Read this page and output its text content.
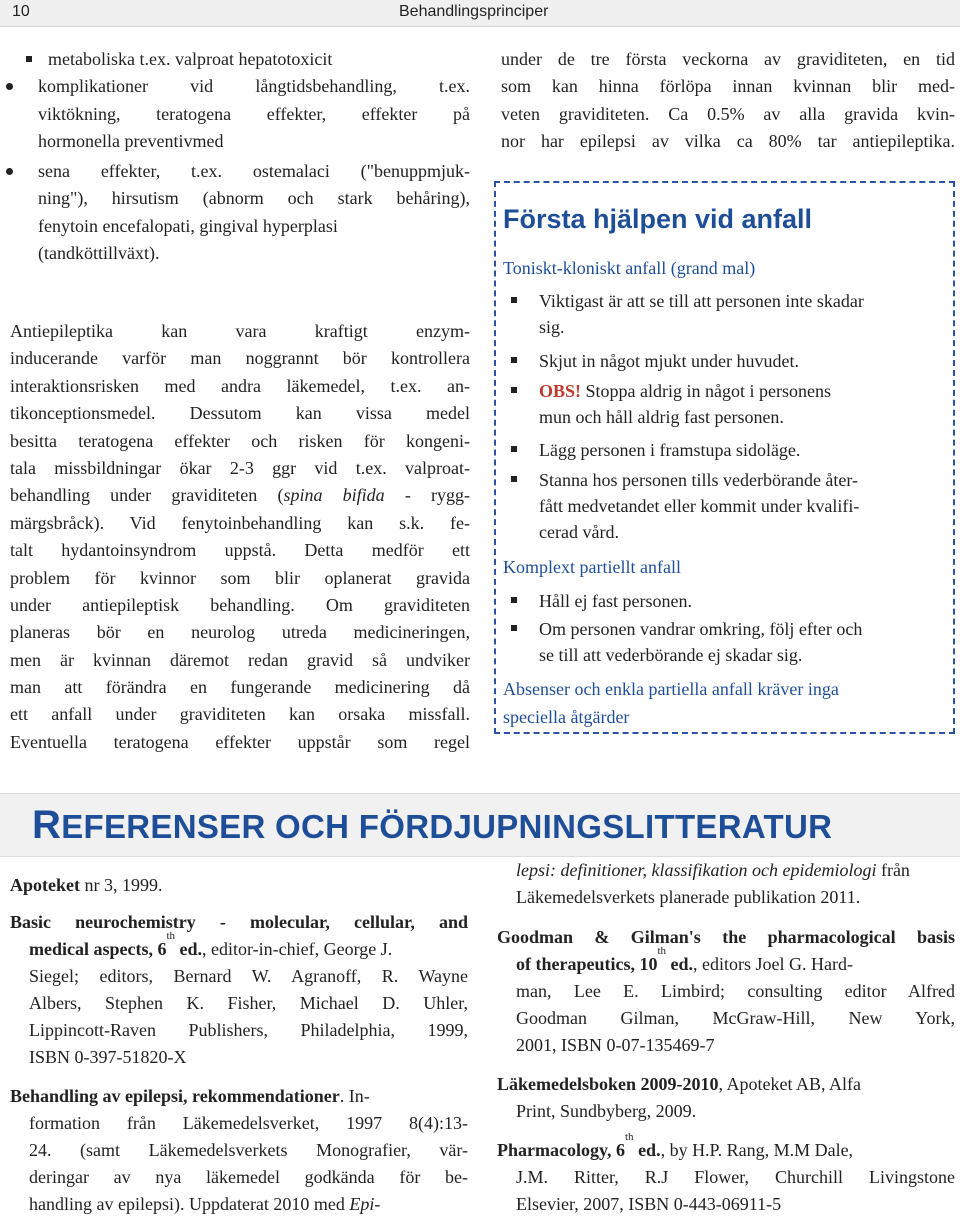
10	Behandlingsprinciper
metaboliska t.ex. valproat hepatotoxicit
komplikationer vid långtidsbehandling, t.ex.
viktökning, teratogena effekter, effekter på
hormonella preventivmed
sena effekter, t.ex. ostemalaci ("benuppmjuk-
ning"), hirsutism (abnorm och stark behåring),
fenytoin encefalopati, gingival hyperplasi
(tandköttillväxt).
Antiepileptika kan vara kraftigt enzym-
inducerande varför man noggrannt bör kontrollera
interaktionsrisken med andra läkemedel, t.ex. an-
tikonceptionsmedel. Dessutom kan vissa medel
besitta teratogena effekter och risken för kongeni-
tala missbildningar ökar 2-3 ggr vid t.ex. valproat-
behandling under graviditeten (spina bifida - rygg-
märgsbråck). Vid fenytoinbehandling kan s.k. fe-
talt hydantoinsyndrom uppstå. Detta medför ett
problem för kvinnor som blir oplanerat gravida
under antiepileptisk behandling. Om graviditeten
planeras bör en neurolog utreda medicineringen,
men är kvinnan däremot redan gravid så undviker
man att förändra en fungerande medicinering då
ett anfall under graviditeten kan orsaka missfall.
Eventuella teratogena effekter uppstår som regel
under de tre första veckorna av graviditeten, en tid
som kan hinna förlöpa innan kvinnan blir med-
veten graviditeten. Ca 0.5% av alla gravida kvin-
nor har epilepsi av vilka ca 80% tar antiepileptika.
Första hjälpen vid anfall
Toniskt-kloniskt anfall (grand mal)
Viktigast är att se till att personen inte skadar
sig.
Skjut in något mjukt under huvudet.
OBS! Stoppa aldrig in något i personens
mun och håll aldrig fast personen.
Lägg personen i framstupa sidoläge.
Stanna hos personen tills vederbörande åter-
fått medvetandet eller kommit under kvalifi-
cerad vård.
Komplext partiellt anfall
Håll ej fast personen.
Om personen vandrar omkring, följ efter och
se till att vederbörande ej skadar sig.
Absenser och enkla partiella anfall kräver inga
speciella åtgärder
REFERENSER OCH FÖRDJUPNINGSLITTERATUR
Apoteket nr 3, 1999.
Basic neurochemistry - molecular, cellular, and
medical aspects, 6
th
ed. , editor-in-chief, George J.
Siegel; editors, Bernard W. Agranoff, R. Wayne
Albers, Stephen K. Fisher, Michael D. Uhler,
Lippincott-Raven Publishers, Philadelphia, 1999,
ISBN 0-397-51820-X
Behandling av epilepsi, rekommendationer . In-
formation från Läkemedelsverket, 1997 8(4):13-
24. (samt Läkemedelsverkets Monografier, vär-
deringar av nya läkemedel godkända för be-
handling av epilepsi). Uppdaterat 2010 med Epi-
lepsi: definitioner, klassifikation och epidemiologi från
Läkemedelsverkets planerade publikation 2011.
Goodman & Gilman's the pharmacological basis
of therapeutics, 10
th
ed. , editors Joel G. Hard-
man, Lee E. Limbird; consulting editor Alfred
Goodman Gilman, McGraw-Hill, New York,
2001, ISBN 0-07-135469-7
Läkemedelsboken 2009-2010 , Apoteket AB, Alfa
Print, Sundbyberg, 2009.
Pharmacology, 6
th
ed. , by H.P. Rang, M.M Dale,
J.M. Ritter, R.J Flower, Churchill Livingstone
Elsevier, 2007, ISBN 0-443-06911-5
